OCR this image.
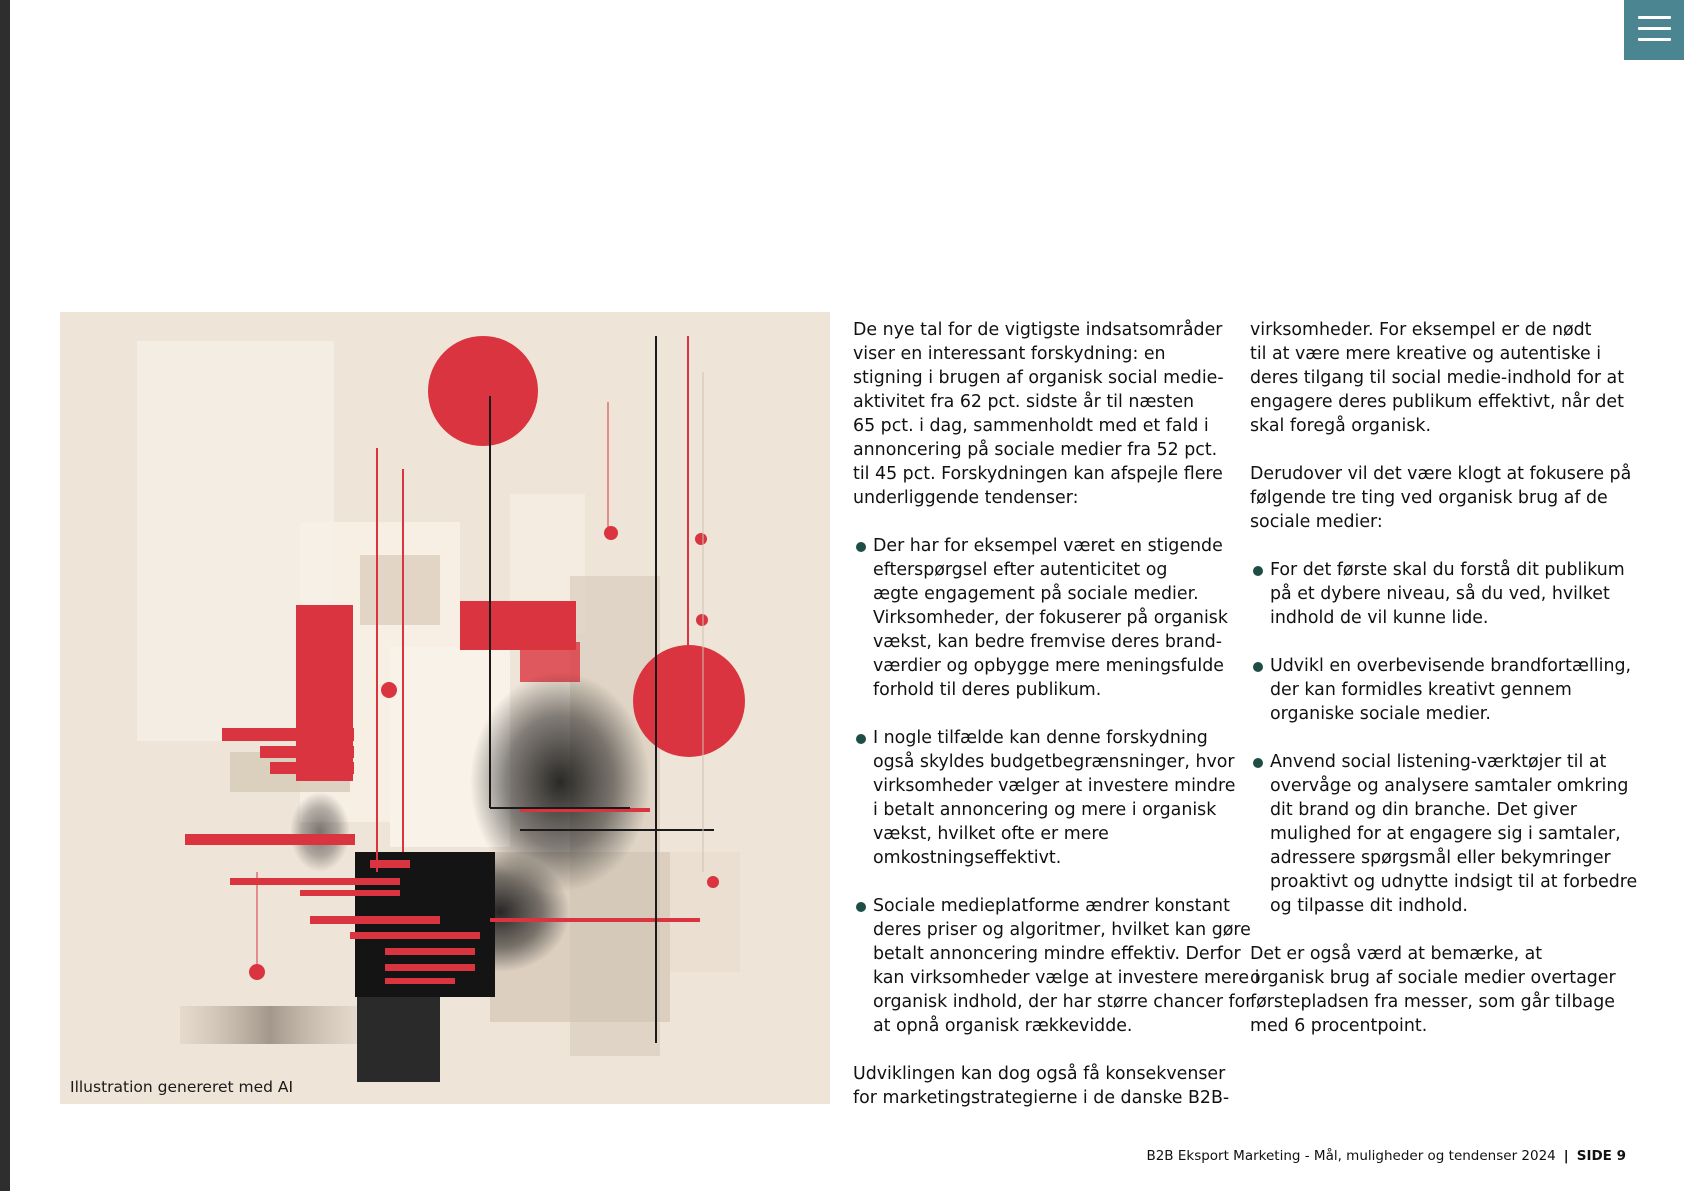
Illustration genereret med AI

De nye tal for de vigtigste indsatsområder
viser en interessant forskydning: en
stigning i brugen af organisk social medie-
aktivitet fra 62 pct. sidste år til næsten
65 pct. i dag, sammenholdt med et fald i
annoncering på sociale medier fra 52 pct.
til 45 pct. Forskydningen kan afspejle flere
underliggende tendenser:

Der har for eksempel været en stigende
efterspørgsel efter autenticitet og
ægte engagement på sociale medier.
Virksomheder, der fokuserer på organisk
vækst, kan bedre fremvise deres brand-
værdier og opbygge mere meningsfulde
forhold til deres publikum.
I nogle tilfælde kan denne forskydning
også skyldes budgetbegrænsninger, hvor
virksomheder vælger at investere mindre
i betalt annoncering og mere i organisk
vækst, hvilket ofte er mere
omkostningseffektivt.
Sociale medieplatforme ændrer konstant
deres priser og algoritmer, hvilket kan gøre
betalt annoncering mindre effektiv. Derfor
kan virksomheder vælge at investere mere i
organisk indhold, der har større chancer for
at opnå organisk rækkevidde.

Udviklingen kan dog også få konsekvenser
for marketingstrategierne i de danske B2B-

virksomheder. For eksempel er de nødt
til at være mere kreative og autentiske i
deres tilgang til social medie-indhold for at
engagere deres publikum effektivt, når det
skal foregå organisk.

Derudover vil det være klogt at fokusere på
følgende tre ting ved organisk brug af de
sociale medier:

For det første skal du forstå dit publikum
på et dybere niveau, så du ved, hvilket
indhold de vil kunne lide.
Udvikl en overbevisende brandfortælling,
der kan formidles kreativt gennem
organiske sociale medier.
Anvend social listening-værktøjer til at
overvåge og analysere samtaler omkring
dit brand og din branche. Det giver
mulighed for at engagere sig i samtaler,
adressere spørgsmål eller bekymringer
proaktivt og udnytte indsigt til at forbedre
og tilpasse dit indhold.

Det er også værd at bemærke, at
organisk brug af sociale medier overtager
førstepladsen fra messer, som går tilbage
med 6 procentpoint.

B2B Eksport Marketing - Mål, muligheder og tendenser 2024 | SIDE 9
